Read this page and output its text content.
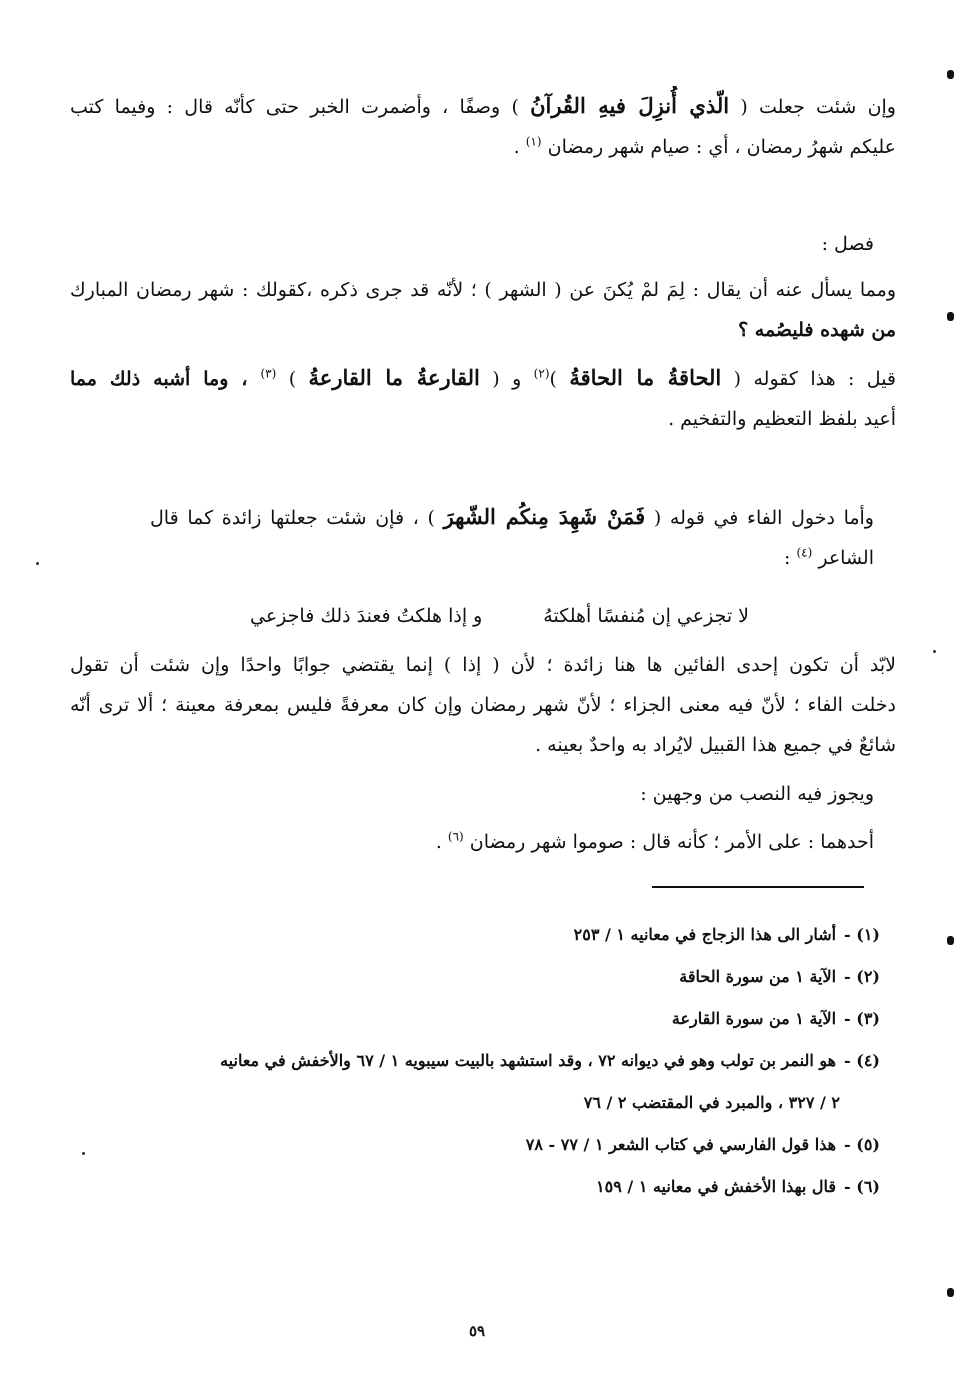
وإن شئت جعلت ( الّذي أُنزِلَ فيهِ القُرآنُ ) وصفًا ، وأضمرت الخبر حتى كأنّه قال : وفيما كتب
عليكم شهرُ رمضان ، أي : صيام شهر رمضان $^{(١)}$ .
فصل :
ومما يسأل عنه أن يقال : لِمَ لمْ يُكنَ عن ( الشهر ) ؛ لأنّه قد جرى ذكره ،كقولك : شهر رمضان المبارك
من شهده فليصُمه ؟
قيل : هذا كقوله ( الحاقةُ ما الحاقةُ )$^{(٢)}$ و ( القارعةُ ما القارعةُ ) $^{(٣)}$ ، وما أشبه ذلك مما
أعيد بلفظ التعظيم والتفخيم .
وأما دخول الفاء في قوله ( فَمَنْ شَهِدَ مِنكُم الشّهرَ ) ، فإن شئت جعلتها زائدة كما قال
الشاعر $^{(٤)}$ :
لا تجزعي إن مُنفسًا أهلكتهُ
و إذا هلكتُ فعندَ ذلك فاجزعي
لابّد أن تكون إحدى الفائين ها هنا زائدة ؛ لأن ( إذا ) إنما يقتضي جوابًا واحدًا وإن شئت أن تقول
دخلت الفاء ؛ لأنّ فيه معنى الجزاء ؛ لأنّ شهر رمضان وإن كان معرفةً فليس بمعرفة معينة ؛ ألا ترى أنّه
شائعٌ في جميع هذا القبيل لايُراد به واحدٌ بعينه .
ويجوز فيه النصب من وجهين :
أحدهما : على الأمر ؛ كأنه قال : صوموا شهر رمضان $^{(٦)}$ .
(١) -أشار الى هذا الزجاج في معانيه ١ / ٢٥٣
(٢) -الآية ١ من سورة الحاقة
(٣) -الآية ١ من سورة القارعة
(٤) -هو النمر بن تولب وهو في ديوانه ٧٢ ، وقد استشهد بالبيت سيبويه ١ / ٦٧ والأخفش في معانيه
٢ / ٣٢٧ ، والمبرد في المقتضب ٢ / ٧٦
(٥) -هذا قول الفارسي في كتاب الشعر ١ / ٧٧ - ٧٨
(٦) -قال بهذا الأخفش في معانيه ١ / ١٥٩
٥٩
